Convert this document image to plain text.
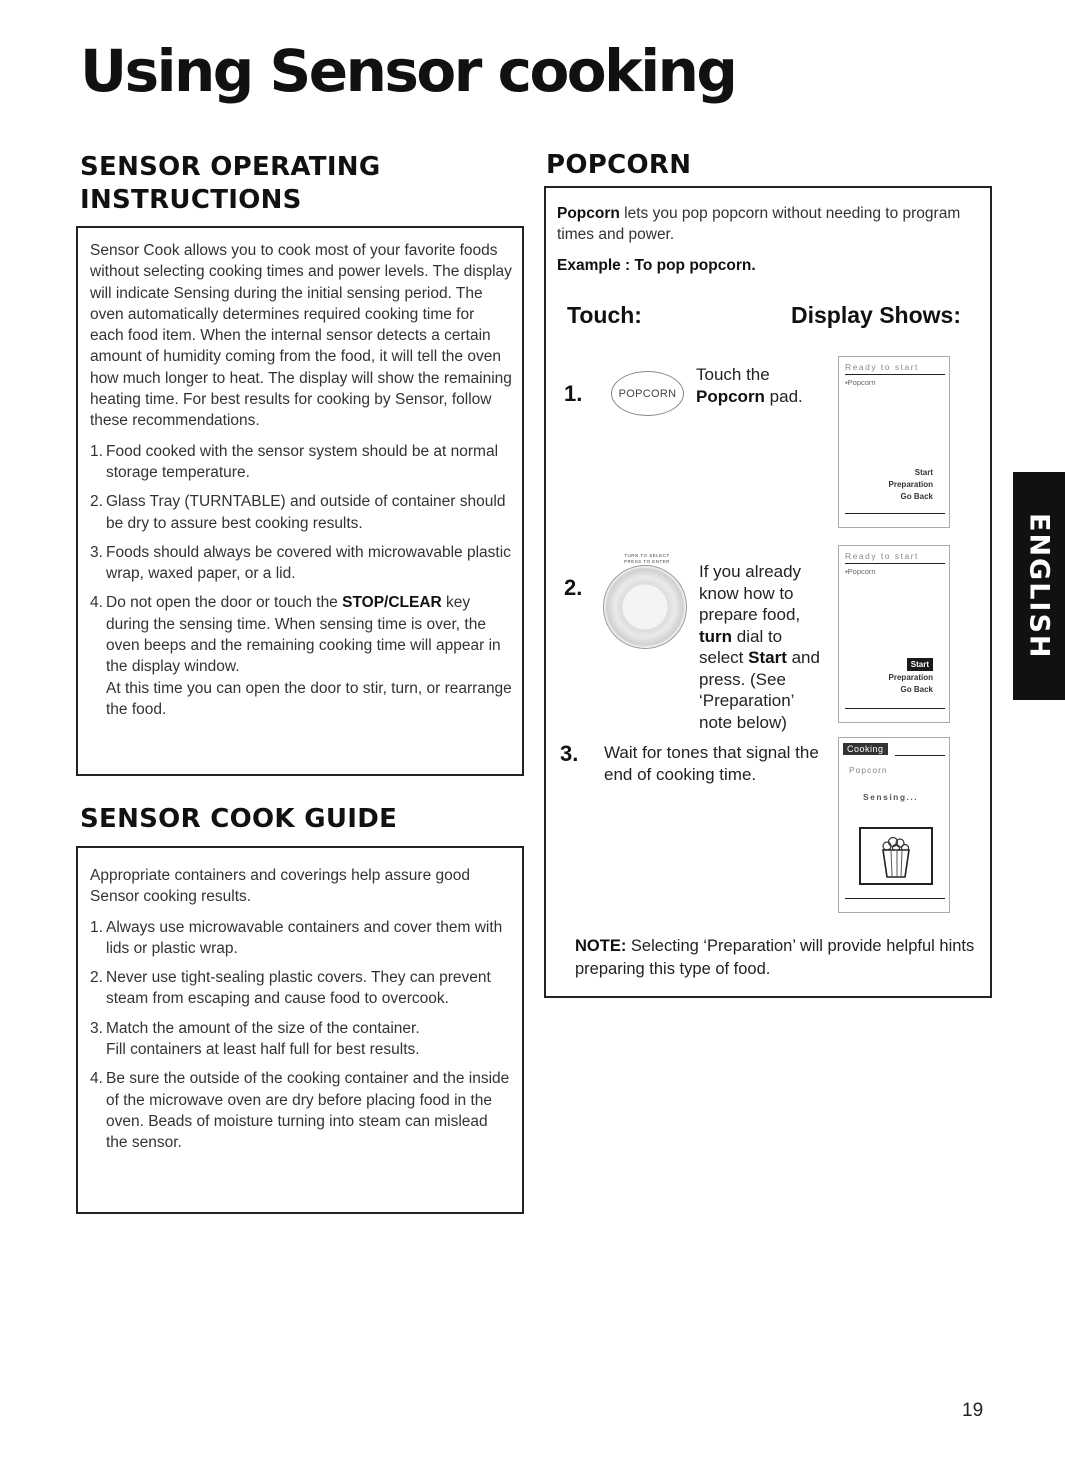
Using Sensor cooking
SENSOR OPERATING
INSTRUCTIONS

Sensor Cook allows you to cook most of your favorite foods without selecting cooking times and power levels. The display will indicate Sensing during the initial sensing period. The oven automatically determines required cooking time for each food item. When the internal sensor detects a certain amount of humidity coming from the food, it will tell the oven how much longer to heat. The display will show the remaining heating time. For best results for cooking by Sensor, follow these recommendations.

1. Food cooked with the sensor system should be at normal storage temperature.
2. Glass Tray (TURNTABLE) and outside of container should be dry to assure best cooking results.
3. Foods should always be covered with microwavable plastic wrap, waxed paper, or a lid.
4. Do not open the door or touch the STOP/CLEAR key during the sensing time. When sensing time is over, the oven beeps and the remaining cooking time will appear in the display window.
At this time you can open the door to stir, turn, or rearrange the food.
SENSOR COOK GUIDE

Appropriate containers and coverings help assure good Sensor cooking results.

1. Always use microwavable containers and cover them with lids or plastic wrap.
2. Never use tight-sealing plastic covers. They can prevent steam from escaping and cause food to overcook.
3. Match the amount of the size of the container.
Fill containers at least half full for best results.
4. Be sure the outside of the cooking container and the inside of the microwave oven are dry before placing food in the oven. Beads of moisture turning into steam can mislead the sensor.
POPCORN

Popcorn lets you pop popcorn without needing to program times and power.

Example : To pop popcorn.
Touch:	Display Shows:
1.	POPCORN
Touch the
Popcorn pad.
Ready to start
▪Popcorn
Start
Preparation
Go Back
2.
TURN TO SELECT
PRESS TO ENTER
If you already
know how to
prepare food,
turn dial to
select Start and
press. (See
‘Preparation’
note below)
Ready to start
▪Popcorn
Start
Preparation
Go Back
3. Wait for tones that signal the
end of cooking time.
Cooking
Popcorn
Sensing...

NOTE: Selecting ‘Preparation’ will provide helpful hints preparing this type of food.

ENGLISH
19
